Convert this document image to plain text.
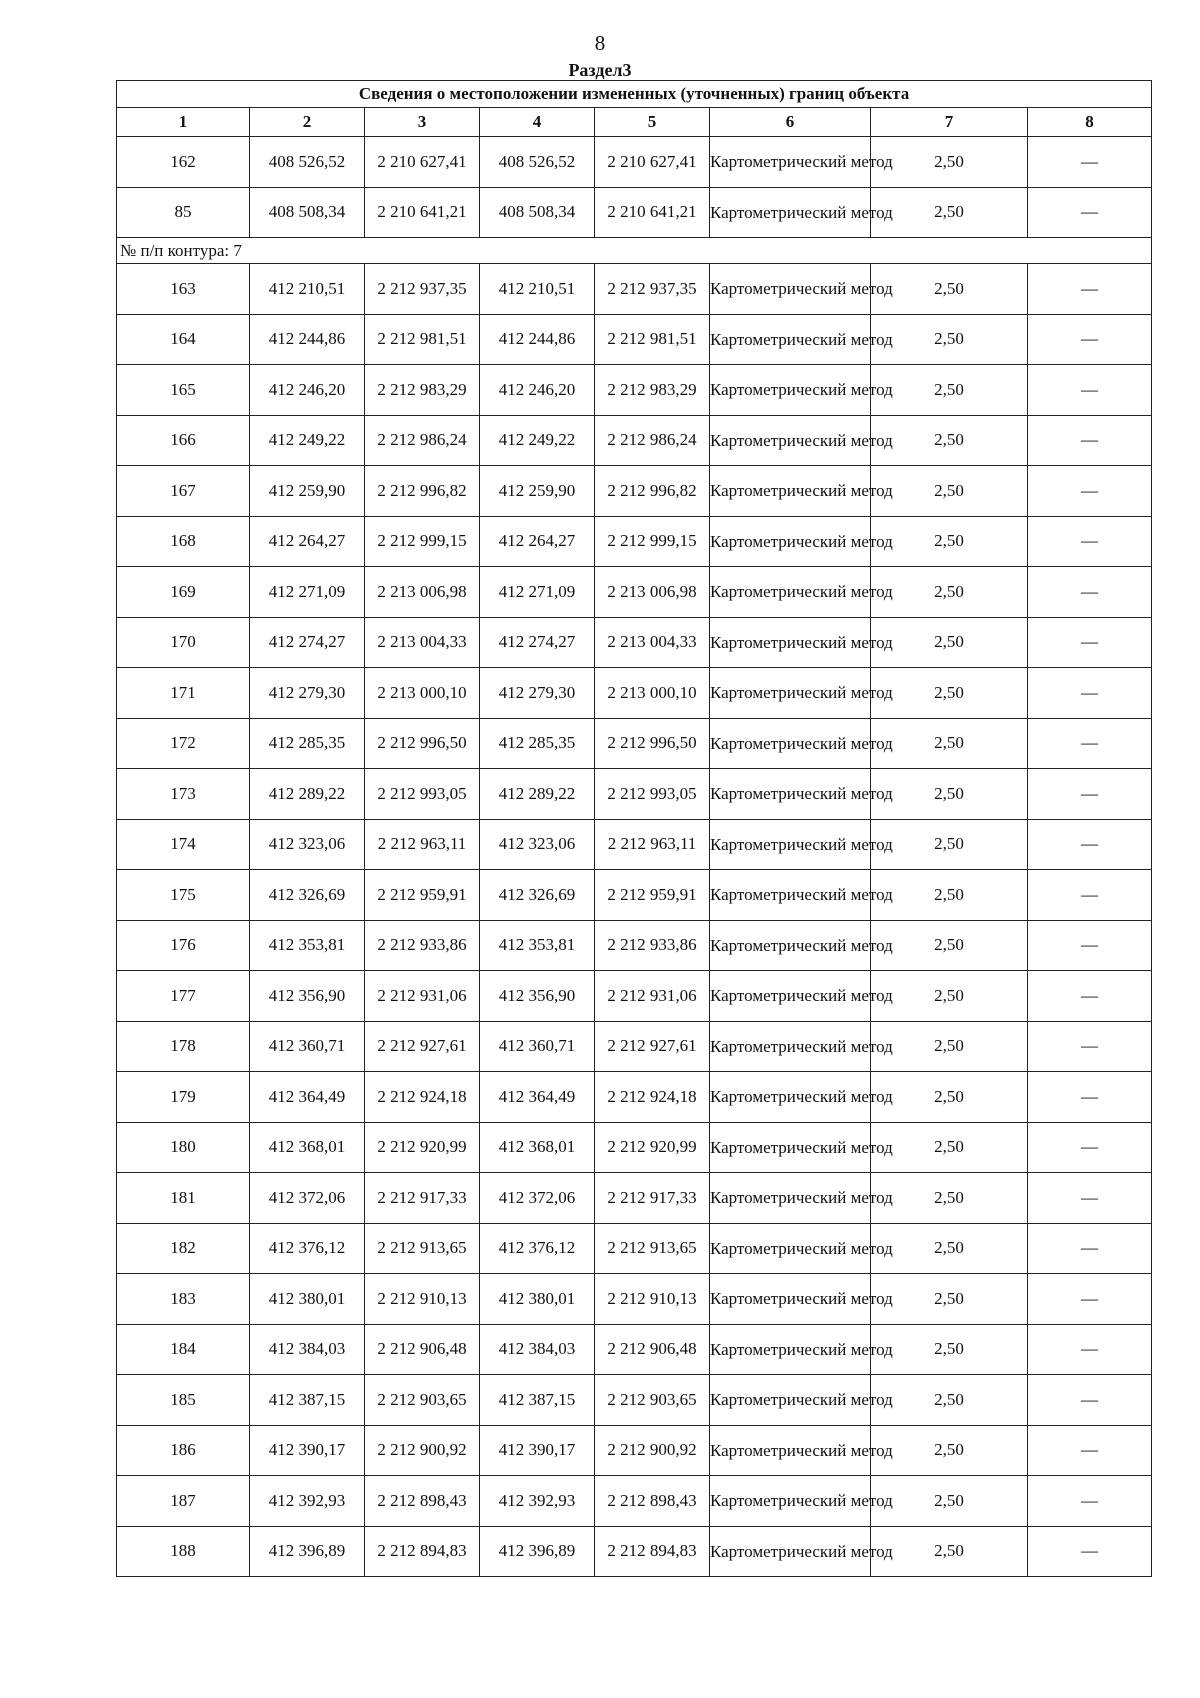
8
Раздел3
Сведения о местоположении измененных (уточненных) границ объекта							
1	2	3	4	5	6	7	8
162	408 526,52	2 210 627,41	408 526,52	2 210 627,41	Картометрический метод	2,50	—
85	408 508,34	2 210 641,21	408 508,34	2 210 641,21	Картометрический метод	2,50	—
№ п/п контура: 7							
163	412 210,51	2 212 937,35	412 210,51	2 212 937,35	Картометрический метод	2,50	—
164	412 244,86	2 212 981,51	412 244,86	2 212 981,51	Картометрический метод	2,50	—
165	412 246,20	2 212 983,29	412 246,20	2 212 983,29	Картометрический метод	2,50	—
166	412 249,22	2 212 986,24	412 249,22	2 212 986,24	Картометрический метод	2,50	—
167	412 259,90	2 212 996,82	412 259,90	2 212 996,82	Картометрический метод	2,50	—
168	412 264,27	2 212 999,15	412 264,27	2 212 999,15	Картометрический метод	2,50	—
169	412 271,09	2 213 006,98	412 271,09	2 213 006,98	Картометрический метод	2,50	—
170	412 274,27	2 213 004,33	412 274,27	2 213 004,33	Картометрический метод	2,50	—
171	412 279,30	2 213 000,10	412 279,30	2 213 000,10	Картометрический метод	2,50	—
172	412 285,35	2 212 996,50	412 285,35	2 212 996,50	Картометрический метод	2,50	—
173	412 289,22	2 212 993,05	412 289,22	2 212 993,05	Картометрический метод	2,50	—
174	412 323,06	2 212 963,11	412 323,06	2 212 963,11	Картометрический метод	2,50	—
175	412 326,69	2 212 959,91	412 326,69	2 212 959,91	Картометрический метод	2,50	—
176	412 353,81	2 212 933,86	412 353,81	2 212 933,86	Картометрический метод	2,50	—
177	412 356,90	2 212 931,06	412 356,90	2 212 931,06	Картометрический метод	2,50	—
178	412 360,71	2 212 927,61	412 360,71	2 212 927,61	Картометрический метод	2,50	—
179	412 364,49	2 212 924,18	412 364,49	2 212 924,18	Картометрический метод	2,50	—
180	412 368,01	2 212 920,99	412 368,01	2 212 920,99	Картометрический метод	2,50	—
181	412 372,06	2 212 917,33	412 372,06	2 212 917,33	Картометрический метод	2,50	—
182	412 376,12	2 212 913,65	412 376,12	2 212 913,65	Картометрический метод	2,50	—
183	412 380,01	2 212 910,13	412 380,01	2 212 910,13	Картометрический метод	2,50	—
184	412 384,03	2 212 906,48	412 384,03	2 212 906,48	Картометрический метод	2,50	—
185	412 387,15	2 212 903,65	412 387,15	2 212 903,65	Картометрический метод	2,50	—
186	412 390,17	2 212 900,92	412 390,17	2 212 900,92	Картометрический метод	2,50	—
187	412 392,93	2 212 898,43	412 392,93	2 212 898,43	Картометрический метод	2,50	—
188	412 396,89	2 212 894,83	412 396,89	2 212 894,83	Картометрический метод	2,50	—
